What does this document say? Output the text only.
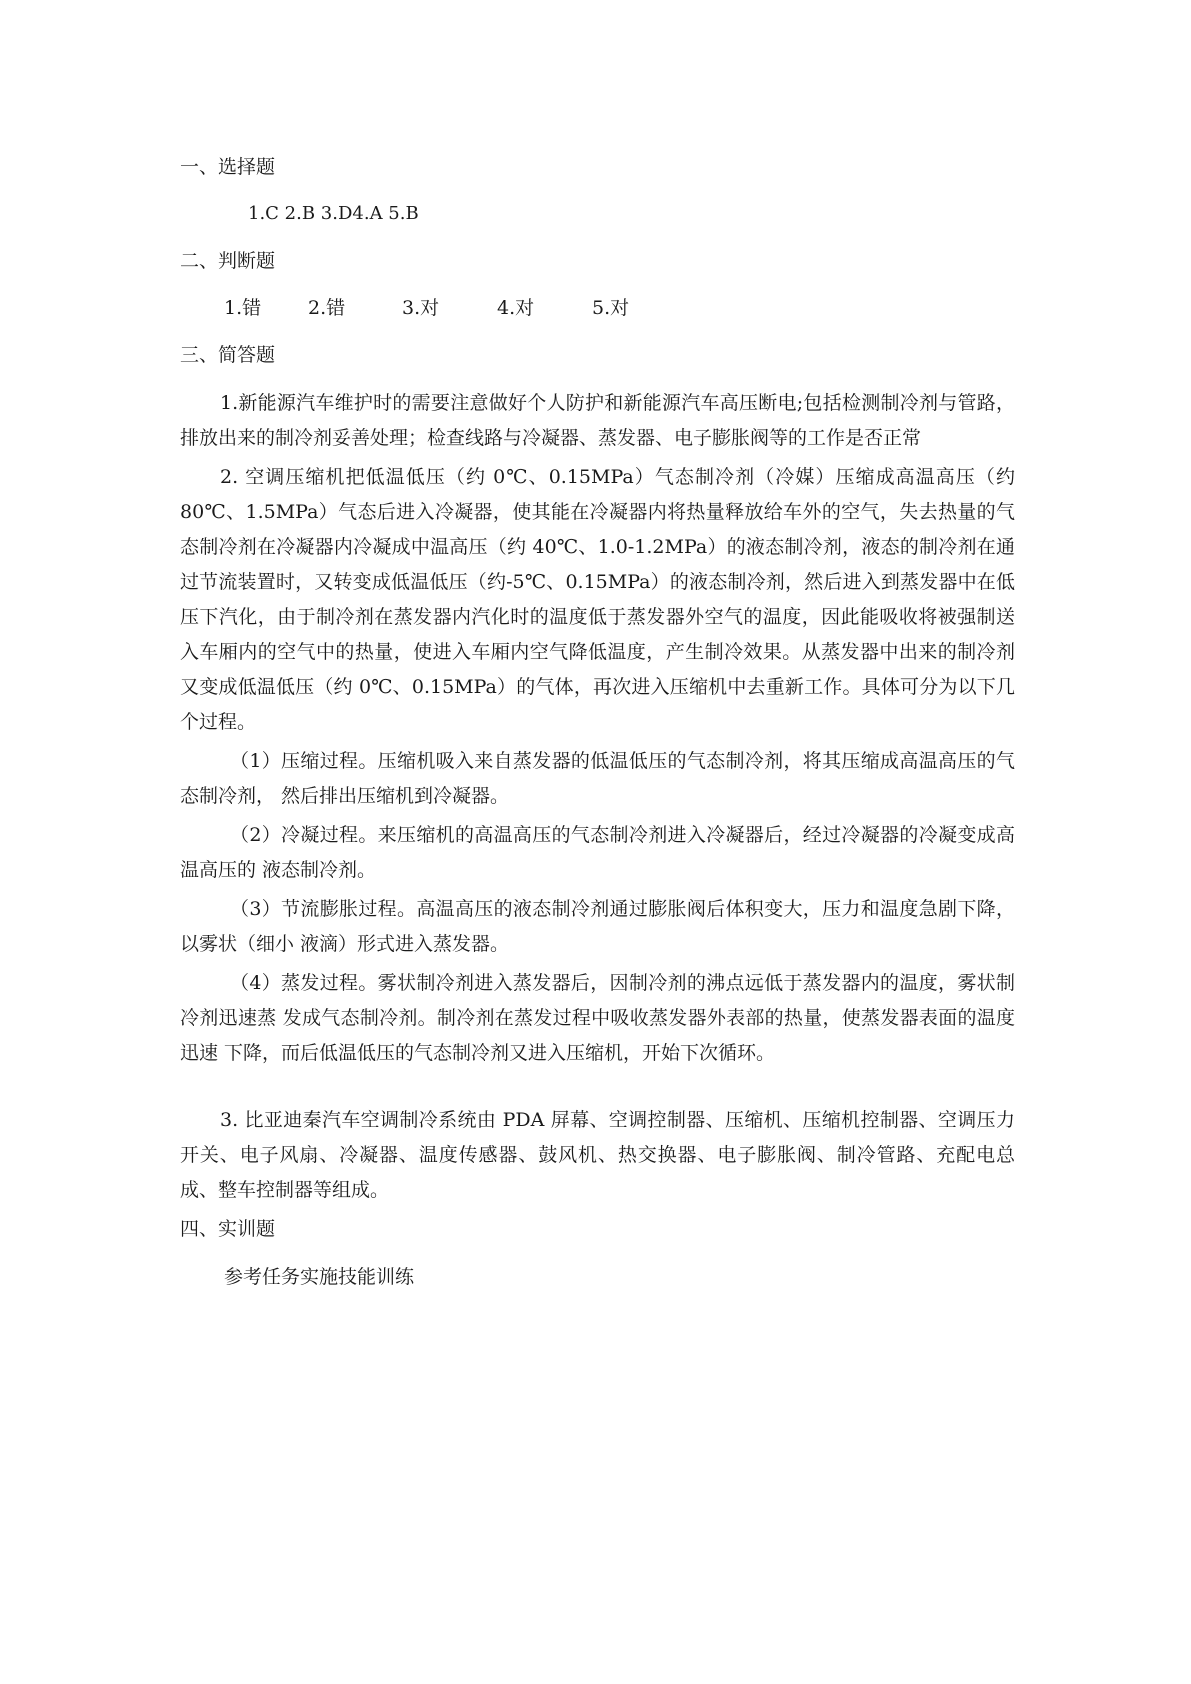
一、选择题
1.C 2.B 3.D4.A 5.B
二、判断题
1.错	2.错	3.对	4.对	5.对
三、简答题

1.新能源汽车维护时的需要注意做好个人防护和新能源汽车高压断电;包括检测制冷剂与管路，排放出来的制冷剂妥善处理；检查线路与冷凝器、蒸发器、电子膨胀阀等的工作是否正常

2. 空调压缩机把低温低压（约 0℃、0.15MPa）气态制冷剂（冷媒）压缩成高温高压（约 80℃、1.5MPa）气态后进入冷凝器，使其能在冷凝器内将热量释放给车外的空气，失去热量的气态制冷剂在冷凝器内冷凝成中温高压（约 40℃、1.0-1.2MPa）的液态制冷剂，液态的制冷剂在通过节流装置时，又转变成低温低压（约-5℃、0.15MPa）的液态制冷剂，然后进入到蒸发器中在低压下汽化，由于制冷剂在蒸发器内汽化时的温度低于蒸发器外空气的温度，因此能吸收将被强制送入车厢内的空气中的热量，使进入车厢内空气降低温度，产生制冷效果。从蒸发器中出来的制冷剂又变成低温低压（约 0℃、0.15MPa）的气体，再次进入压缩机中去重新工作。具体可分为以下几个过程。

（1）压缩过程。压缩机吸入来自蒸发器的低温低压的气态制冷剂，将其压缩成高温高压的气态制冷剂， 然后排出压缩机到冷凝器。

（2）冷凝过程。来压缩机的高温高压的气态制冷剂进入冷凝器后，经过冷凝器的冷凝变成高温高压的 液态制冷剂。

（3）节流膨胀过程。高温高压的液态制冷剂通过膨胀阀后体积变大，压力和温度急剧下降，以雾状（细小 液滴）形式进入蒸发器。

（4）蒸发过程。雾状制冷剂进入蒸发器后，因制冷剂的沸点远低于蒸发器内的温度，雾状制冷剂迅速蒸 发成气态制冷剂。制冷剂在蒸发过程中吸收蒸发器外表部的热量，使蒸发器表面的温度迅速 下降，而后低温低压的气态制冷剂又进入压缩机，开始下次循环。

3. 比亚迪秦汽车空调制冷系统由 PDA 屏幕、空调控制器、压缩机、压缩机控制器、空调压力开关、电子风扇、冷凝器、温度传感器、鼓风机、热交换器、电子膨胀阀、制冷管路、充配电总成、整车控制器等组成。

四、实训题
参考任务实施技能训练
